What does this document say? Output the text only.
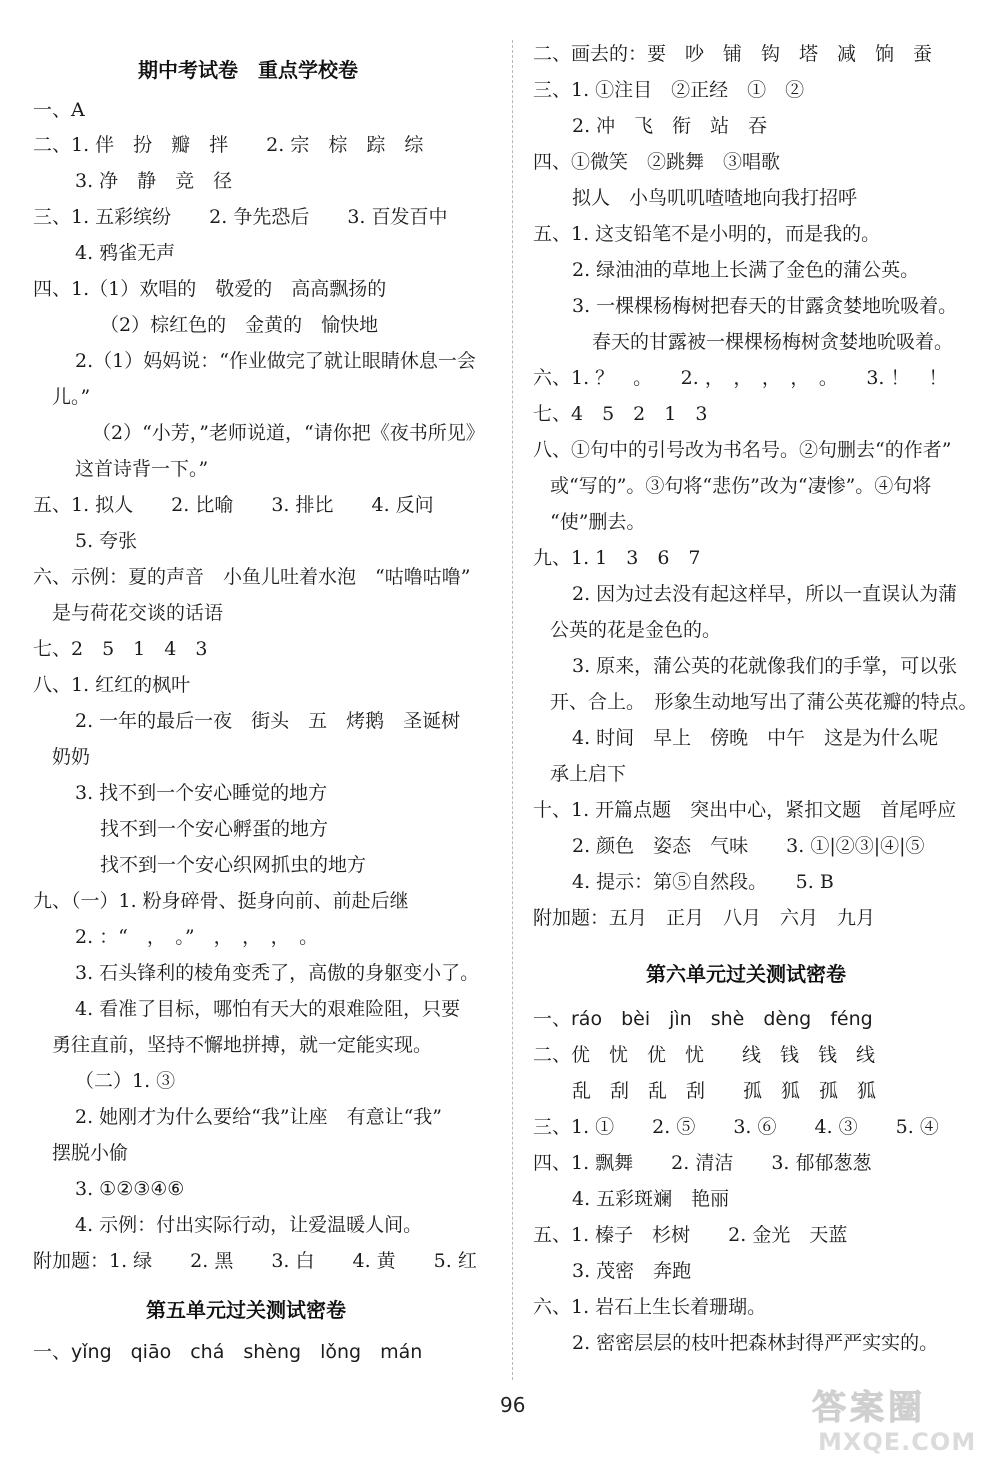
期中考试卷　重点学校卷
一、A
二、1. 伴　扮　瓣　拌　　2. 宗　棕　踪　综
3. 净　静　竞　径
三、1. 五彩缤纷　　2. 争先恐后　　3. 百发百中
4. 鸦雀无声
四、1.（1）欢唱的　敬爱的　高高飘扬的
（2）棕红色的　金黄的　愉快地
2.（1）妈妈说：“作业做完了就让眼睛休息一会
儿。”
（2）“小芳，”老师说道，“请你把《夜书所见》
这首诗背一下。”
五、1. 拟人　　2. 比喻　　3. 排比　　4. 反问
5. 夸张
六、示例：夏的声音　小鱼儿吐着水泡　“咕噜咕噜”
是与荷花交谈的话语
七、2　5　1　4　3
八、1. 红红的枫叶
2. 一年的最后一夜　街头　五　烤鹅　圣诞树
奶奶
3. 找不到一个安心睡觉的地方
找不到一个安心孵蛋的地方
找不到一个安心织网抓虫的地方
九、（一）1. 粉身碎骨、挺身向前、前赴后继
2. ：“　，　。”　，　，　，　。
3. 石头锋利的棱角变秃了，高傲的身躯变小了。
4. 看准了目标，哪怕有天大的艰难险阻，只要
勇往直前，坚持不懈地拼搏，就一定能实现。
（二）1. ③
2. 她刚才为什么要给“我”让座　有意让“我”
摆脱小偷
3. ①②③④⑥
4. 示例：付出实际行动，让爱温暖人间。
附加题：1. 绿　　2. 黑　　3. 白　　4. 黄　　5. 红
第五单元过关测试密卷
一、yǐng　qiāo　chá　shèng　lǒng　mán
二、画去的：要　吵　铺　钩　塔　减　饷　蚕
三、1. ①注目　②正经　①　②
2. 冲　飞　衔　站　吞
四、①微笑　②跳舞　③唱歌
拟人　小鸟叽叽喳喳地向我打招呼
五、1. 这支铅笔不是小明的，而是我的。
2. 绿油油的草地上长满了金色的蒲公英。
3. 一棵棵杨梅树把春天的甘露贪婪地吮吸着。
春天的甘露被一棵棵杨梅树贪婪地吮吸着。
六、1. ？　。　　2. ，　，　，　，　。　　3. ！　！
七、4　5　2　1　3
八、①句中的引号改为书名号。②句删去“的作者”
或“写的”。③句将“悲伤”改为“凄惨”。④句将
“使”删去。
九、1. 1　3　6　7
2. 因为过去没有起这样早，所以一直误认为蒲
公英的花是金色的。
3. 原来，蒲公英的花就像我们的手掌，可以张
开、合上。　形象生动地写出了蒲公英花瓣的特点。
4. 时间　早上　傍晚　中午　这是为什么呢
承上启下
十、1. 开篇点题　突出中心，紧扣文题　首尾呼应
2. 颜色　姿态　气味　　3. ①|②③|④|⑤
4. 提示：第⑤自然段。　　5. B
附加题：五月　正月　八月　六月　九月
第六单元过关测试密卷
一、ráo　bèi　jìn　shè　dèng　féng
二、优　忧　优　忧　　线　钱　钱　线
乱　刮　乱　刮　　孤　狐　孤　狐
三、1. ①　　2. ⑤　　3. ⑥　　4. ③　　5. ④
四、1. 飘舞　　2. 清洁　　3. 郁郁葱葱
4. 五彩斑斓　艳丽
五、1. 榛子　杉树　　2. 金光　天蓝
3. 茂密　奔跑
六、1. 岩石上生长着珊瑚。
2. 密密层层的枝叶把森林封得严严实实的。
96	答案圈
MXQE.COM
